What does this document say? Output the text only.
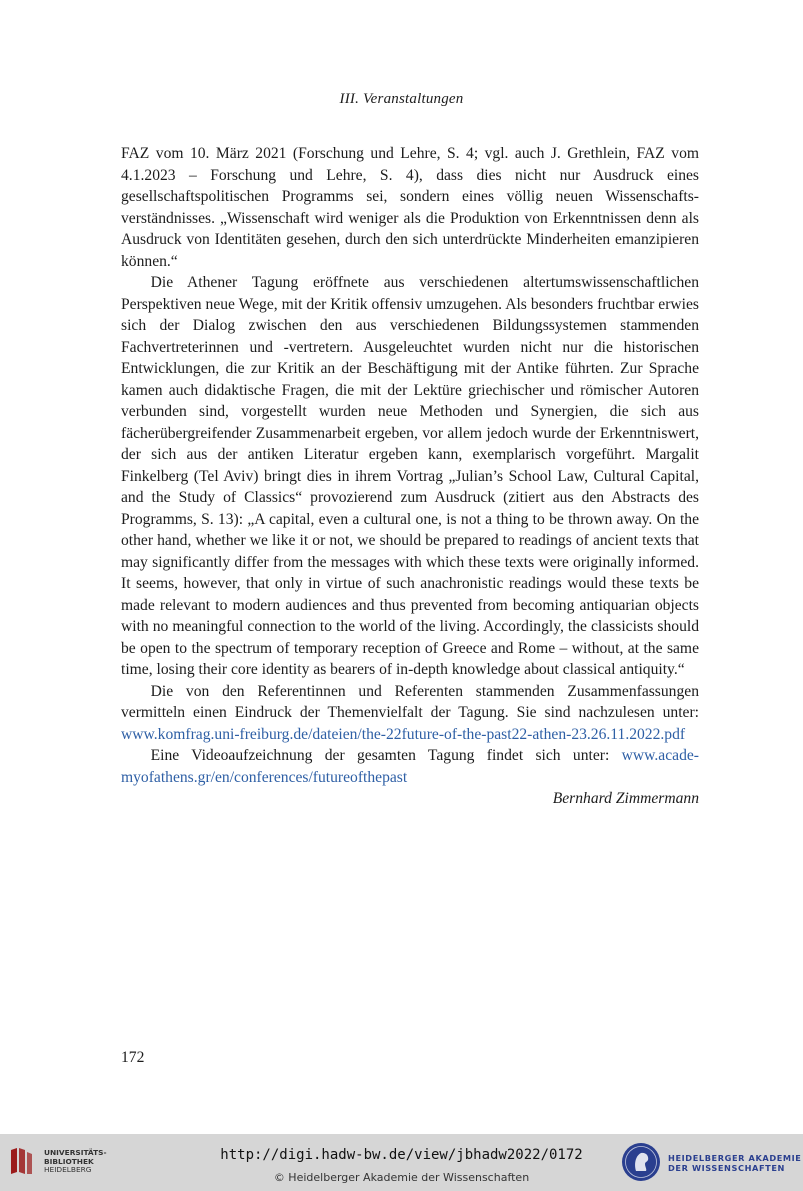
III. Veranstaltungen

FAZ vom 10. März 2021 (Forschung und Lehre, S. 4; vgl. auch J. Grethlein, FAZ vom 4.1.2023 – Forschung und Lehre, S. 4), dass dies nicht nur Ausdruck eines gesellschaftspolitischen Programms sei, sondern eines völlig neuen Wissenschaftsverständnisses. „Wissenschaft wird weniger als die Produktion von Erkenntnissen denn als Ausdruck von Identitäten gesehen, durch den sich unterdrückte Minderheiten emanzipieren können.“

Die Athener Tagung eröffnete aus verschiedenen altertumswissenschaftlichen Perspektiven neue Wege, mit der Kritik offensiv umzugehen. Als besonders fruchtbar erwies sich der Dialog zwischen den aus verschiedenen Bildungssystemen stammenden Fachvertreterinnen und -vertretern. Ausgeleuchtet wurden nicht nur die historischen Entwicklungen, die zur Kritik an der Beschäftigung mit der Antike führten. Zur Sprache kamen auch didaktische Fragen, die mit der Lektüre griechischer und römischer Autoren verbunden sind, vorgestellt wurden neue Methoden und Synergien, die sich aus fächerübergreifender Zusammenarbeit ergeben, vor allem jedoch wurde der Erkenntniswert, der sich aus der antiken Literatur ergeben kann, exemplarisch vorgeführt. Margalit Finkelberg (Tel Aviv) bringt dies in ihrem Vortrag „Julian’s School Law, Cultural Capital, and the Study of Classics“ provozierend zum Ausdruck (zitiert aus den Abstracts des Programms, S. 13): „A capital, even a cultural one, is not a thing to be thrown away. On the other hand, whether we like it or not, we should be prepared to readings of ancient texts that may significantly differ from the messages with which these texts were originally informed. It seems, however, that only in virtue of such anachronistic readings would these texts be made relevant to modern audiences and thus prevented from becoming antiquarian objects with no meaningful connection to the world of the living. Accordingly, the classicists should be open to the spectrum of temporary reception of Greece and Rome – without, at the same time, losing their core identity as bearers of in-depth knowledge about classical antiquity.“

Die von den Referentinnen und Referenten stammenden Zusammenfassungen vermitteln einen Eindruck der Themenvielfalt der Tagung. Sie sind nachzulesen unter: www.komfrag.uni-freiburg.de/dateien/the-22future-of-the-past22-athen-23.26.11.2022.pdf

Eine Videoaufzeichnung der gesamten Tagung findet sich unter: www.academyofathens.gr/en/conferences/futureofthepast

Bernhard Zimmermann

172
UNIVERSITÄTS-
BIBLIOTHEK
HEIDELBERG
http://digi.hadw-bw.de/view/jbhadw2022/0172
© Heidelberger Akademie der Wissenschaften
HEIDELBERGER AKADEMIE
DER WISSENSCHAFTEN
